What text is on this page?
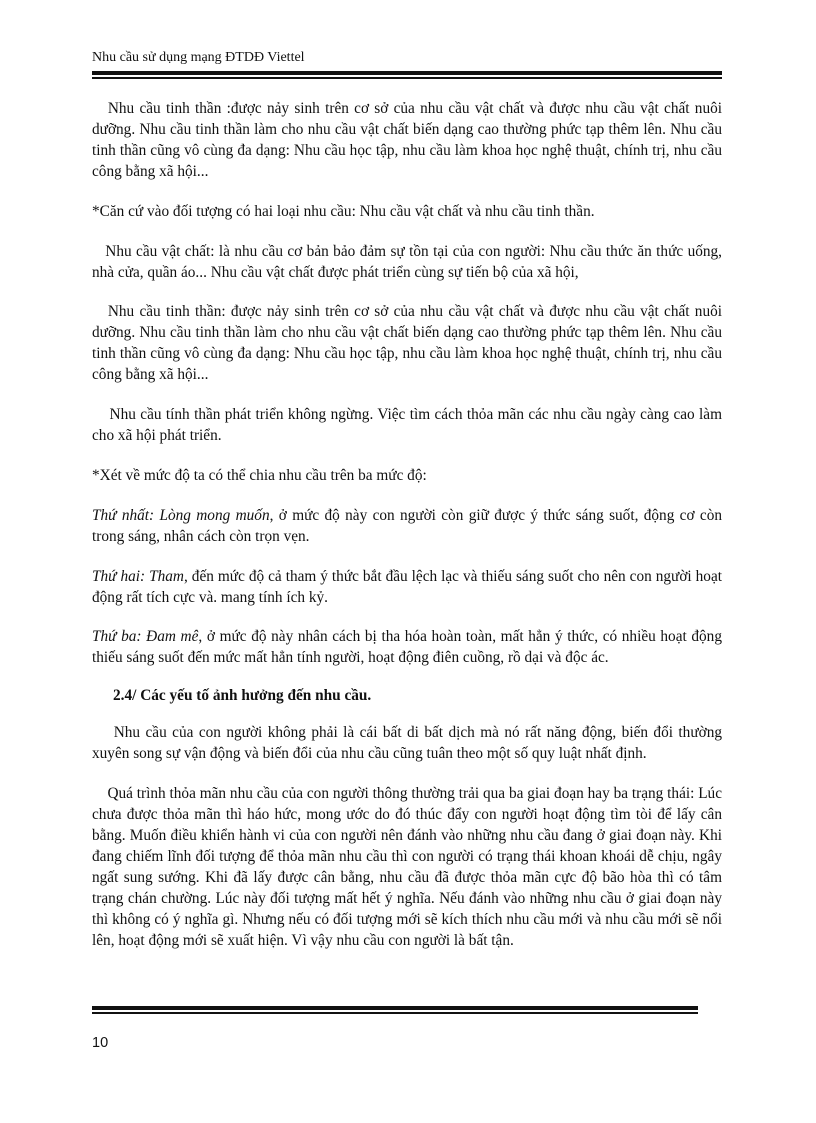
Nhu cầu sử dụng mạng ĐTDĐ Viettel

Nhu cầu tinh thần :được nảy sinh trên cơ sở của nhu cầu vật chất và được nhu cầu vật chất nuôi dưỡng. Nhu cầu tinh thần làm cho nhu cầu vật chất biến dạng cao thường phức tạp thêm lên. Nhu cầu tinh thần cũng vô cùng đa dạng: Nhu cầu học tập, nhu cầu làm khoa học nghệ thuật, chính trị, nhu cầu công bằng xã hội...

*Căn cứ vào đối tượng có hai loại nhu cầu: Nhu cầu vật chất và nhu cầu tinh thần.

Nhu cầu vật chất: là nhu cầu cơ bản bảo đảm sự tồn tại của con người: Nhu cầu thức ăn thức uống, nhà cửa, quần áo... Nhu cầu vật chất được phát triển cùng sự tiến bộ của xã hội,

Nhu cầu tinh thần: được nảy sinh trên cơ sở của nhu cầu vật chất và được nhu cầu vật chất nuôi dưỡng. Nhu cầu tinh thần làm cho nhu cầu vật chất biến dạng cao thường phức tạp thêm lên. Nhu cầu tinh thần cũng vô cùng đa dạng: Nhu cầu học tập, nhu cầu làm khoa học nghệ thuật, chính trị, nhu cầu công bằng xã hội...

Nhu cầu tính thần phát triển không ngừng. Việc tìm cách thỏa mãn các nhu cầu ngày càng cao làm cho xã hội phát triển.

*Xét về mức độ ta có thể chia nhu cầu trên ba mức độ:

Thứ nhất: Lòng mong muốn, ở mức độ này con người còn giữ được ý thức sáng suốt, động cơ còn trong sáng, nhân cách còn trọn vẹn.

Thứ hai: Tham, đến mức độ cả tham ý thức bắt đầu lệch lạc và thiếu sáng suốt cho nên con người hoạt động rất tích cực và. mang tính ích kỷ.

Thứ ba: Đam mê, ở mức độ này nhân cách bị tha hóa hoàn toàn, mất hẳn ý thức, có nhiều hoạt động thiếu sáng suốt đến mức mất hẳn tính người, hoạt động điên cuồng, rồ dại và độc ác.

2.4/ Các yếu tố ảnh hưởng đến nhu cầu.

Nhu cầu của con người không phải là cái bất di bất dịch mà nó rất năng động, biến đổi thường xuyên song sự vận động và biến đổi của nhu cầu cũng tuân theo một số quy luật nhất định.

Quá trình thỏa mãn nhu cầu của con người thông thường trải qua ba giai đoạn hay ba trạng thái: Lúc chưa được thỏa mãn thì háo hức, mong ước do đó thúc đẩy con người hoạt động tìm tòi để lấy cân bằng. Muốn điều khiển hành vi của con người nên đánh vào những nhu cầu đang ở giai đoạn này. Khi đang chiếm lĩnh đối tượng để thỏa mãn nhu cầu thì con người có trạng thái khoan khoái dễ chịu, ngây ngất sung sướng. Khi đã lấy được cân bằng, nhu cầu đã được thỏa mãn cực độ bão hòa thì có tâm trạng chán chường. Lúc này đối tượng mất hết ý nghĩa. Nếu đánh vào những nhu cầu ở giai đoạn này thì không có ý nghĩa gì. Nhưng nếu có đối tượng mới sẽ kích thích nhu cầu mới và nhu cầu mới sẽ nổi lên, hoạt động mới sẽ xuất hiện. Vì vậy nhu cầu con người là bất tận.

10
